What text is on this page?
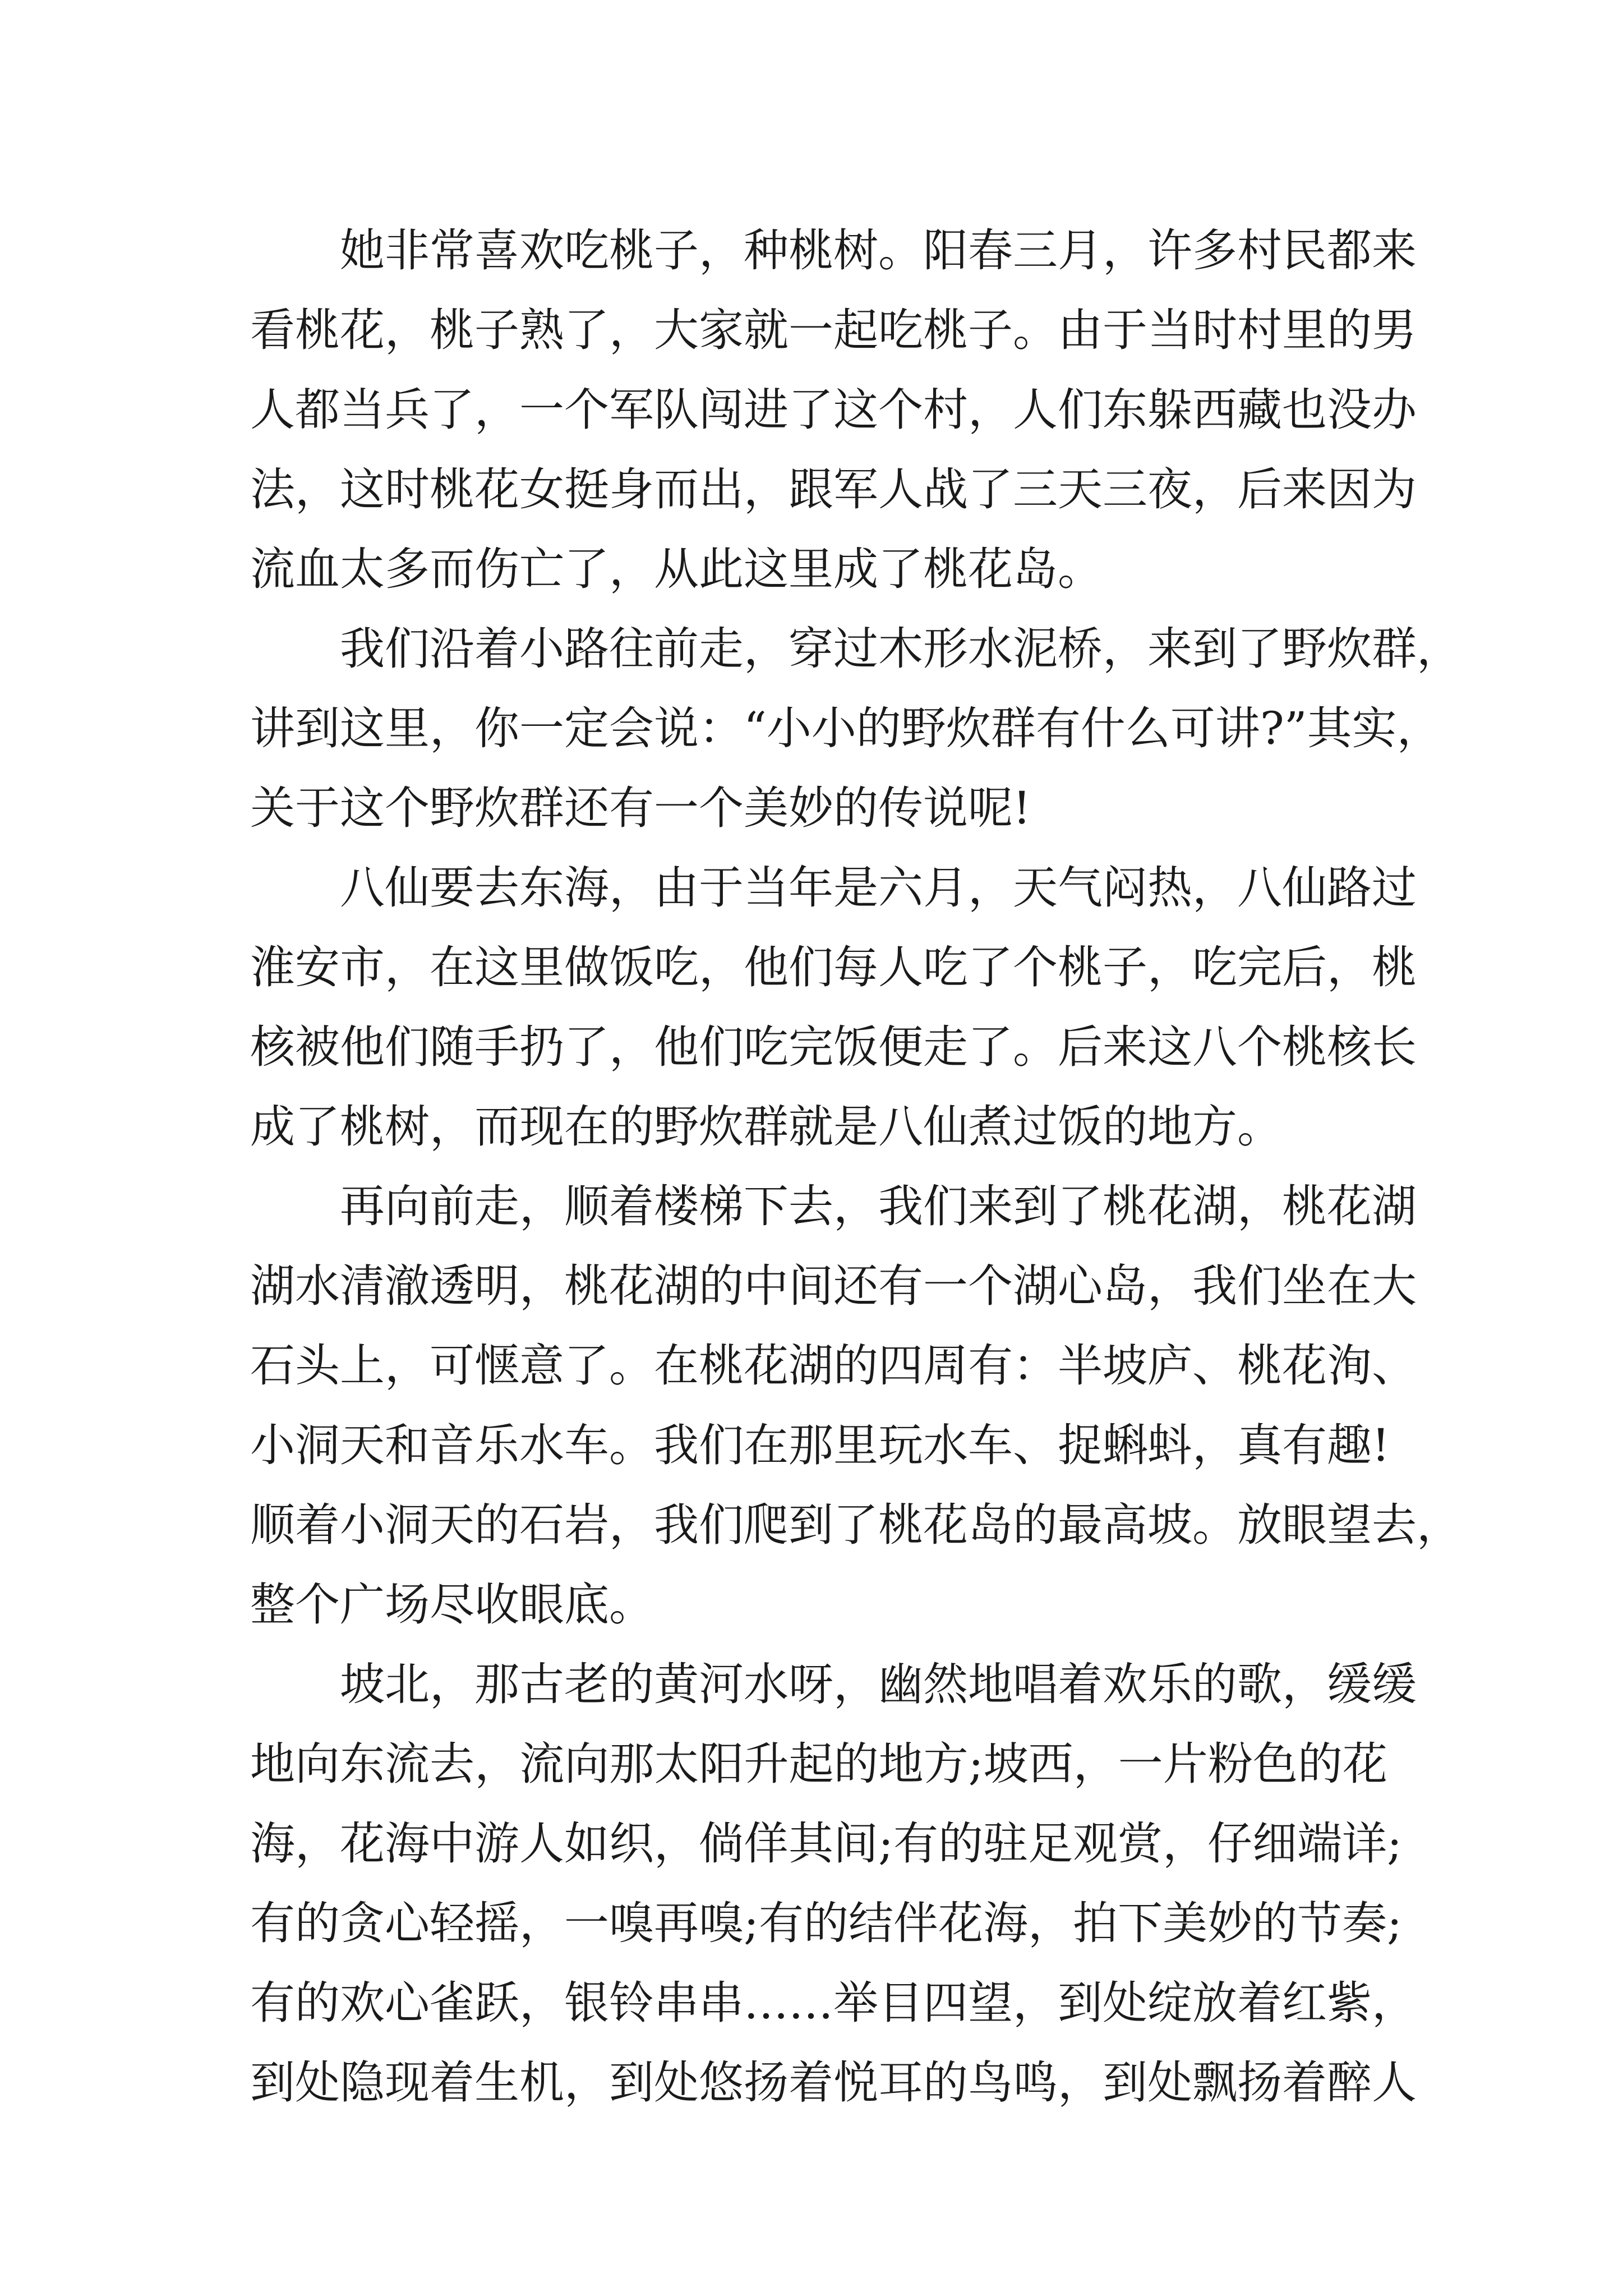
她非常喜欢吃桃子，种桃树。阳春三月，许多村民都来
看桃花，桃子熟了，大家就一起吃桃子。由于当时村里的男
人都当兵了，一个军队闯进了这个村，人们东躲西藏也没办
法，这时桃花女挺身而出，跟军人战了三天三夜，后来因为
流血太多而伤亡了，从此这里成了桃花岛。
我们沿着小路往前走，穿过木形水泥桥，来到了野炊群，
讲到这里，你一定会说：“小小的野炊群有什么可讲?”其实，
关于这个野炊群还有一个美妙的传说呢!
八仙要去东海，由于当年是六月，天气闷热，八仙路过
淮安市，在这里做饭吃，他们每人吃了个桃子，吃完后，桃
核被他们随手扔了，他们吃完饭便走了。后来这八个桃核长
成了桃树，而现在的野炊群就是八仙煮过饭的地方。
再向前走，顺着楼梯下去，我们来到了桃花湖，桃花湖
湖水清澈透明，桃花湖的中间还有一个湖心岛，我们坐在大
石头上，可惬意了。在桃花湖的四周有：半坡庐、桃花洵、
小洞天和音乐水车。我们在那里玩水车、捉蝌蚪，真有趣!
顺着小洞天的石岩，我们爬到了桃花岛的最高坡。放眼望去，
整个广场尽收眼底。
坡北，那古老的黄河水呀，幽然地唱着欢乐的歌，缓缓
地向东流去，流向那太阳升起的地方;坡西，一片粉色的花
海，花海中游人如织，倘佯其间;有的驻足观赏，仔细端详;
有的贪心轻摇，一嗅再嗅;有的结伴花海，拍下美妙的节奏;
有的欢心雀跃，银铃串串……举目四望，到处绽放着红紫，
到处隐现着生机，到处悠扬着悦耳的鸟鸣，到处飘扬着醉人
